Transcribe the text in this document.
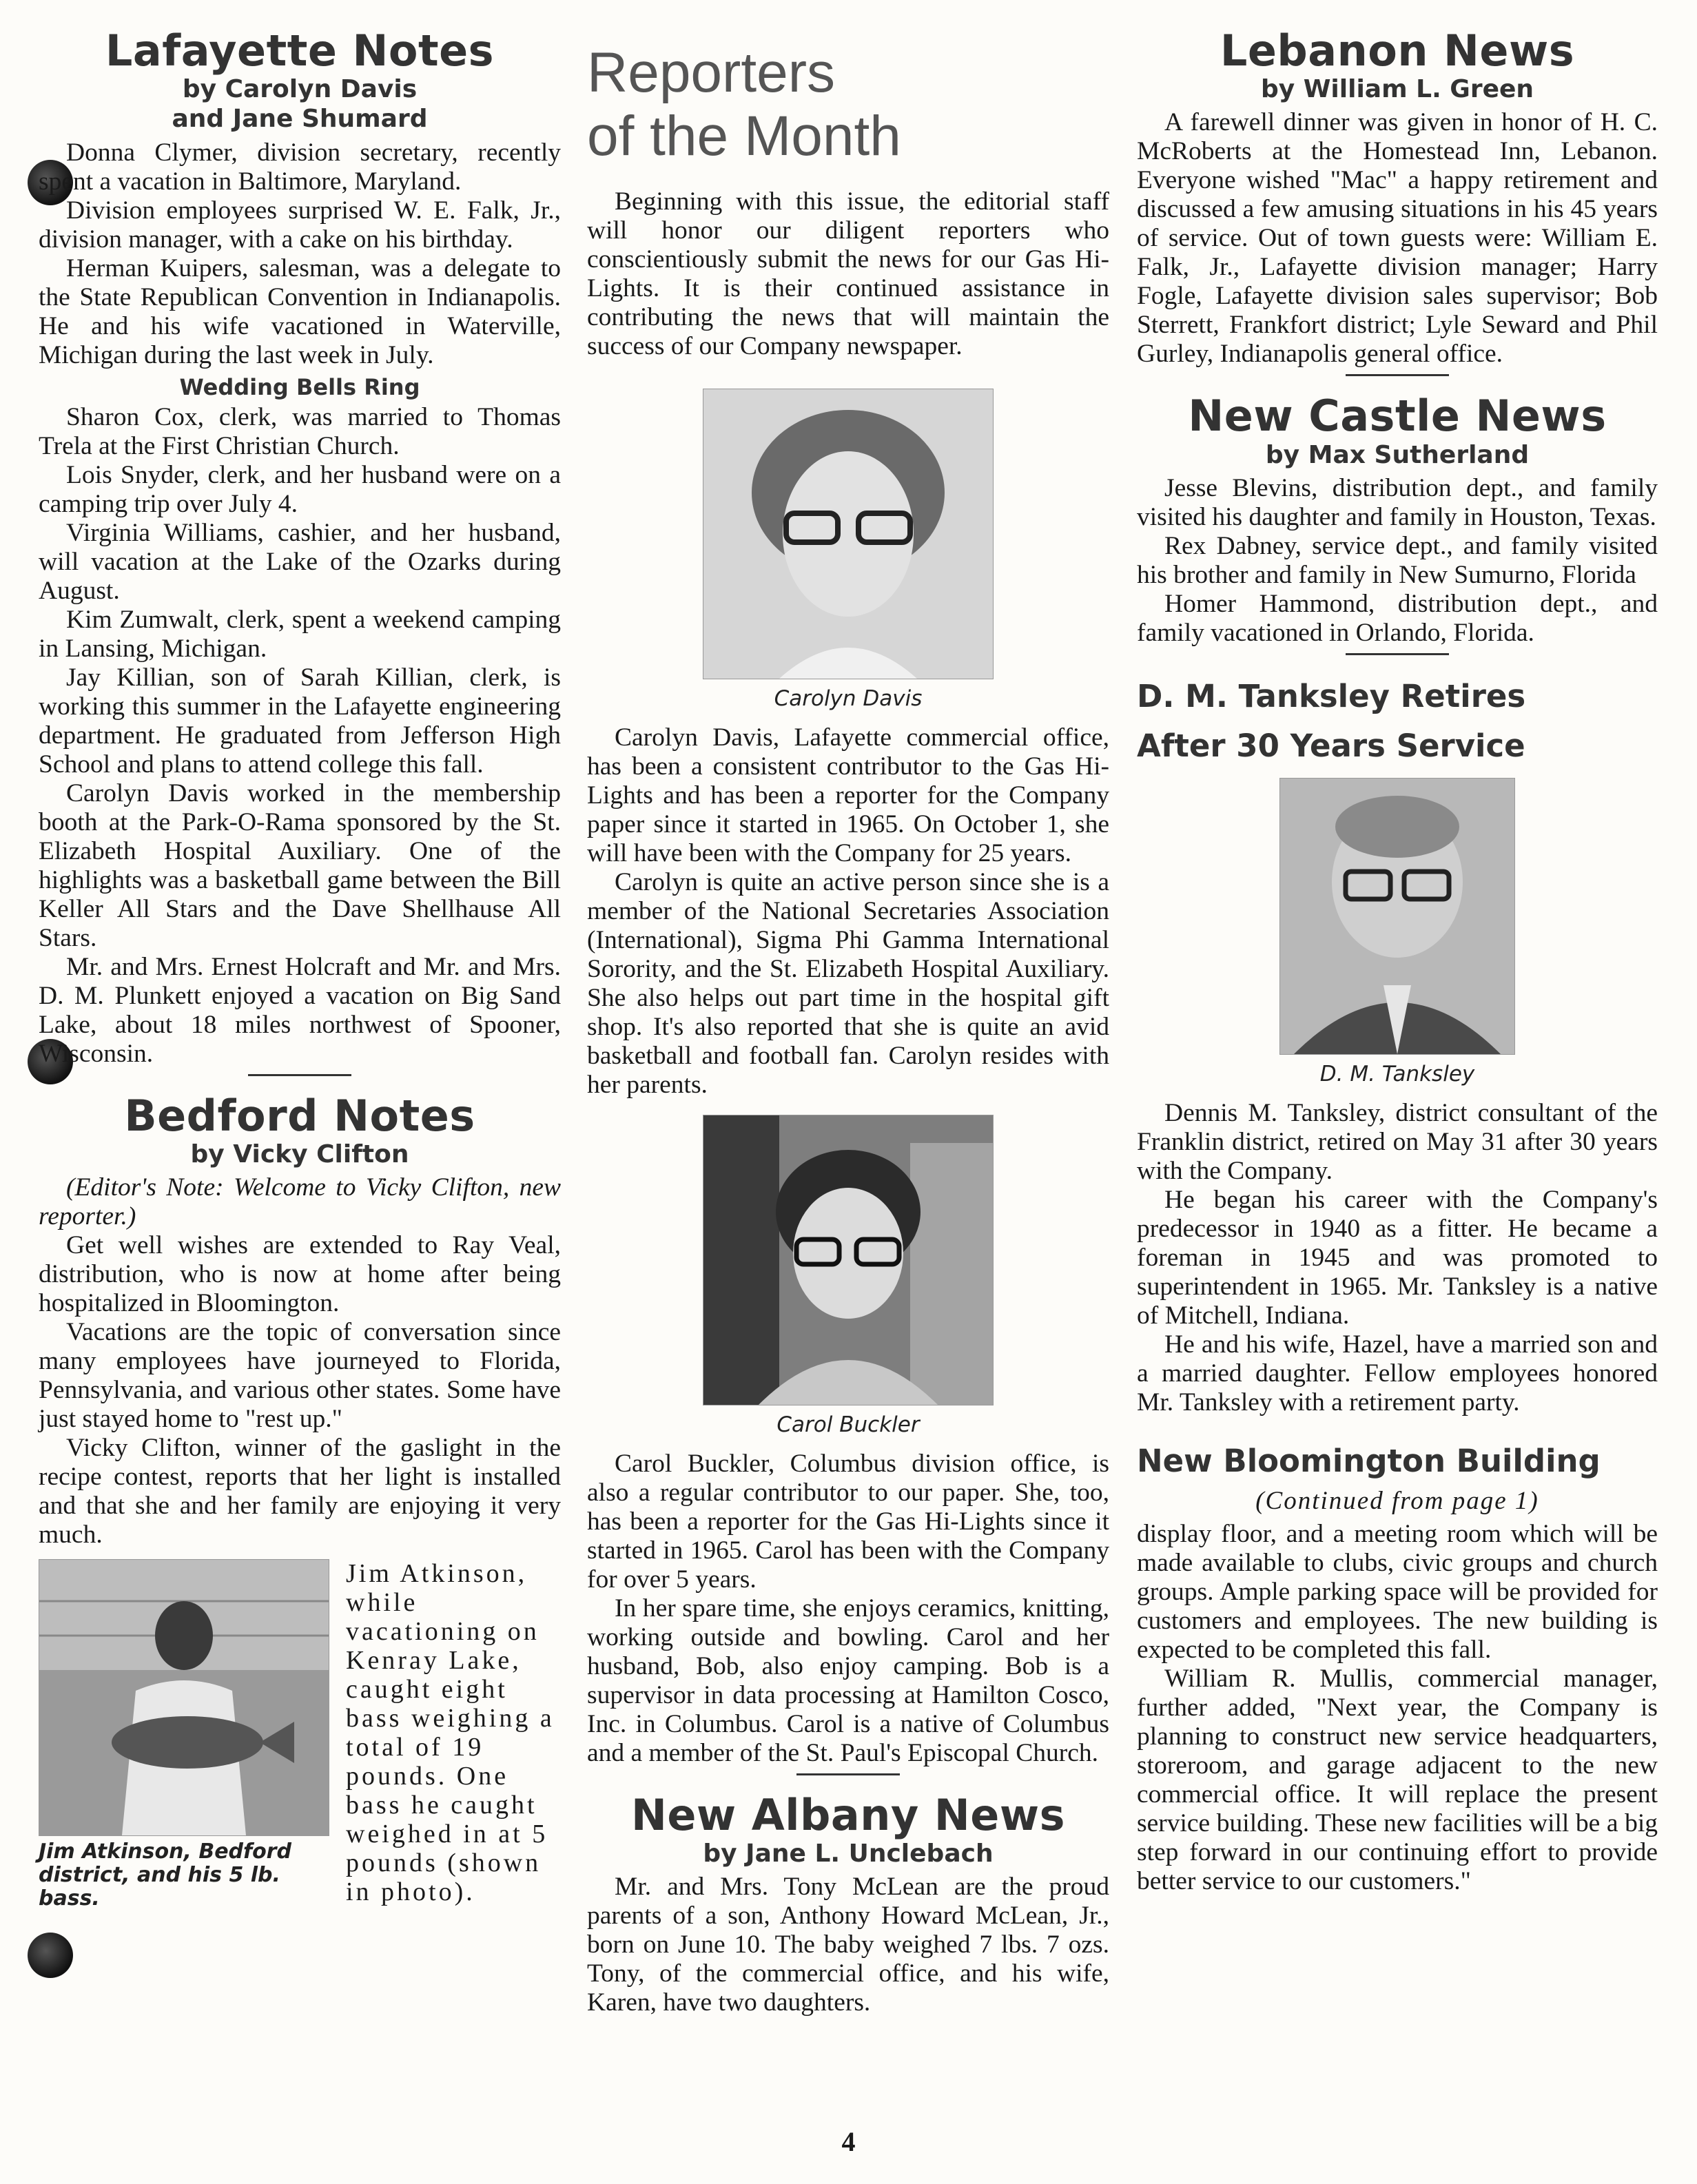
Lafayette Notes
by Carolyn Davis
and Jane Shumard

Donna Clymer, division secretary, recently spent a vacation in Baltimore, Maryland.

Division employees surprised W. E. Falk, Jr., division manager, with a cake on his birthday.

Herman Kuipers, salesman, was a delegate to the State Republican Convention in Indianapolis. He and his wife vacationed in Waterville, Michigan during the last week in July.

Wedding Bells Ring

Sharon Cox, clerk, was married to Thomas Trela at the First Christian Church.

Lois Snyder, clerk, and her husband were on a camping trip over July 4.

Virginia Williams, cashier, and her husband, will vacation at the Lake of the Ozarks during August.

Kim Zumwalt, clerk, spent a weekend camping in Lansing, Michigan.

Jay Killian, son of Sarah Killian, clerk, is working this summer in the Lafayette engineering department. He graduated from Jefferson High School and plans to attend college this fall.

Carolyn Davis worked in the membership booth at the Park-O-Rama sponsored by the St. Elizabeth Hospital Auxiliary. One of the highlights was a basketball game between the Bill Keller All Stars and the Dave Shellhause All Stars.

Mr. and Mrs. Ernest Holcraft and Mr. and Mrs. D. M. Plunkett enjoyed a vacation on Big Sand Lake, about 18 miles northwest of Spooner, Wisconsin.

Bedford Notes
by Vicky Clifton

(Editor's Note: Welcome to Vicky Clifton, new reporter.)

Get well wishes are extended to Ray Veal, distribution, who is now at home after being hospitalized in Bloomington.

Vacations are the topic of conversation since many employees have journeyed to Florida, Pennsylvania, and various other states. Some have just stayed home to "rest up."

Vicky Clifton, winner of the gaslight in the recipe contest, reports that her light is installed and that she and her family are enjoying it very much.

Jim Atkinson, Bedford district, and his 5 lb. bass.
Jim Atkinson, while vacationing on Kenray Lake, caught eight bass weighing a total of 19 pounds. One bass he caught weighed in at 5 pounds (shown in photo).
Reporters
of the Month

Beginning with this issue, the editorial staff will honor our diligent reporters who conscientiously submit the news for our Gas Hi-Lights. It is their continued assistance in contributing the news that will maintain the success of our Company newspaper.

Carolyn Davis

Carolyn Davis, Lafayette commercial office, has been a consistent contributor to the Gas Hi-Lights and has been a reporter for the Company paper since it started in 1965. On October 1, she will have been with the Company for 25 years.

Carolyn is quite an active person since she is a member of the National Secretaries Association (International), Sigma Phi Gamma International Sorority, and the St. Elizabeth Hospital Auxiliary. She also helps out part time in the hospital gift shop. It's also reported that she is quite an avid basketball and football fan. Carolyn resides with her parents.

Carol Buckler

Carol Buckler, Columbus division office, is also a regular contributor to our paper. She, too, has been a reporter for the Gas Hi-Lights since it started in 1965. Carol has been with the Company for over 5 years.

In her spare time, she enjoys ceramics, knitting, working outside and bowling. Carol and her husband, Bob, also enjoy camping. Bob is a supervisor in data processing at Hamilton Cosco, Inc. in Columbus. Carol is a native of Columbus and a member of the St. Paul's Episcopal Church.

New Albany News
by Jane L. Unclebach

Mr. and Mrs. Tony McLean are the proud parents of a son, Anthony Howard McLean, Jr., born on June 10. The baby weighed 7 lbs. 7 ozs. Tony, of the commercial office, and his wife, Karen, have two daughters.

Lebanon News
by William L. Green

A farewell dinner was given in honor of H. C. McRoberts at the Homestead Inn, Lebanon. Everyone wished "Mac" a happy retirement and discussed a few amusing situations in his 45 years of service. Out of town guests were: William E. Falk, Jr., Lafayette division manager; Harry Fogle, Lafayette division sales supervisor; Bob Sterrett, Frankfort district; Lyle Seward and Phil Gurley, Indianapolis general office.

New Castle News
by Max Sutherland

Jesse Blevins, distribution dept., and family visited his daughter and family in Houston, Texas.

Rex Dabney, service dept., and family visited his brother and family in New Sumurno, Florida

Homer Hammond, distribution dept., and family vacationed in Orlando, Florida.

D. M. Tanksley Retires
After 30 Years Service
D. M. Tanksley

Dennis M. Tanksley, district consultant of the Franklin district, retired on May 31 after 30 years with the Company.

He began his career with the Company's predecessor in 1940 as a fitter. He became a foreman in 1945 and was promoted to superintendent in 1965. Mr. Tanksley is a native of Mitchell, Indiana.

He and his wife, Hazel, have a married son and a married daughter. Fellow employees honored Mr. Tanksley with a retirement party.

New Bloomington Building
(Continued from page 1)

display floor, and a meeting room which will be made available to clubs, civic groups and church groups. Ample parking space will be provided for customers and employees. The new building is expected to be completed this fall.

William R. Mullis, commercial manager, further added, "Next year, the Company is planning to construct new service headquarters, storeroom, and garage adjacent to the new commercial office. It will replace the present service building. These new facilities will be a big step forward in our continuing effort to provide better service to our customers."

4
